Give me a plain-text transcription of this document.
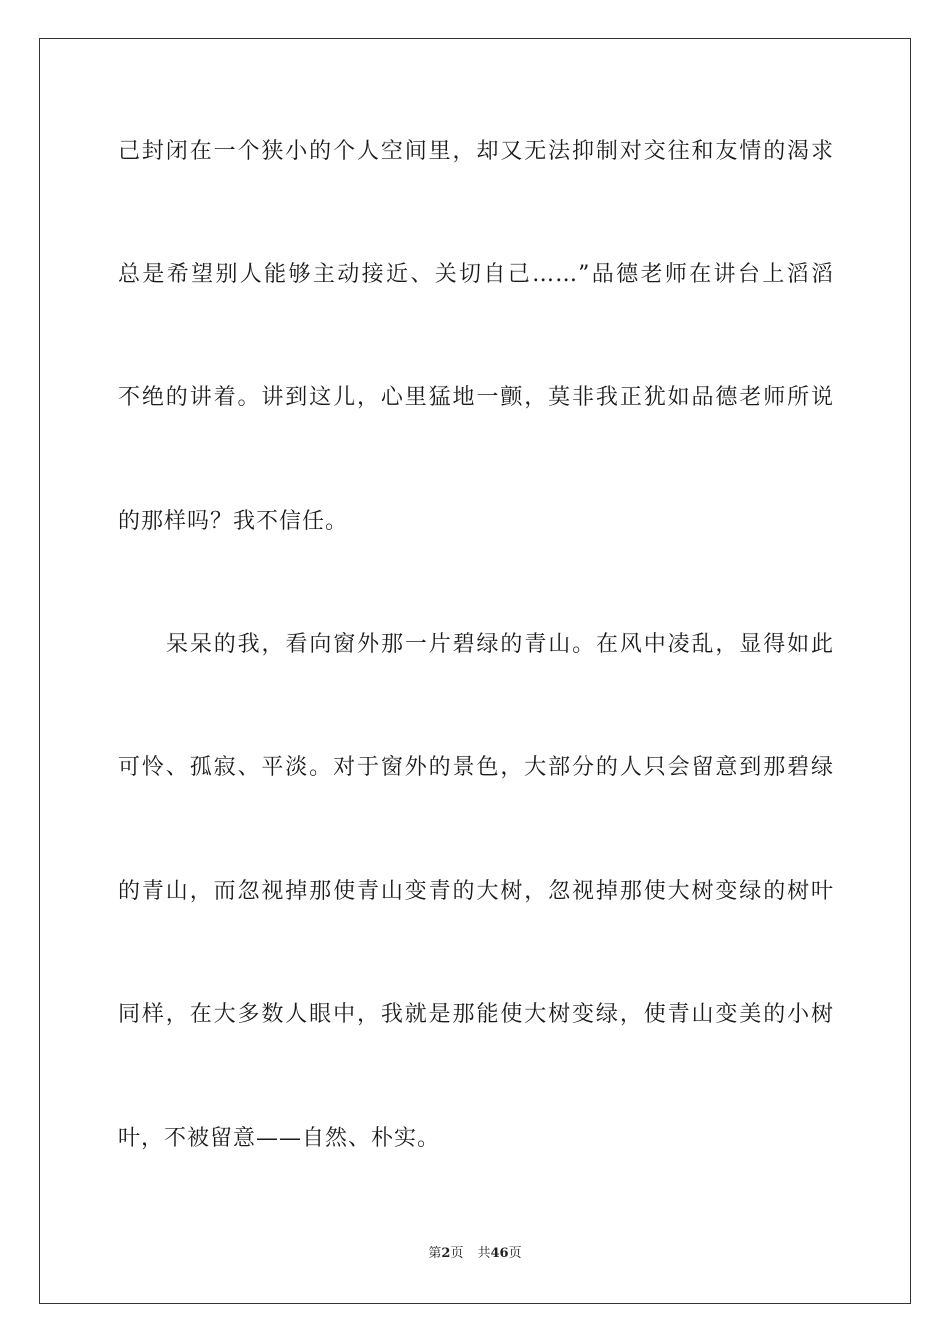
己封闭在一个狭小的个人空间里，却又无法抑制对交往和友情的渴求
总是希望别人能够主动接近、关切自己……”品德老师在讲台上滔滔
不绝的讲着。讲到这儿，心里猛地一颤，莫非我正犹如品德老师所说
的那样吗？我不信任。
呆呆的我，看向窗外那一片碧绿的青山。在风中凌乱，显得如此
可怜、孤寂、平淡。对于窗外的景色，大部分的人只会留意到那碧绿
的青山，而忽视掉那使青山变青的大树，忽视掉那使大树变绿的树叶
同样，在大多数人眼中，我就是那能使大树变绿，使青山变美的小树
叶，不被留意——自然、朴实。
第2页 共46页
